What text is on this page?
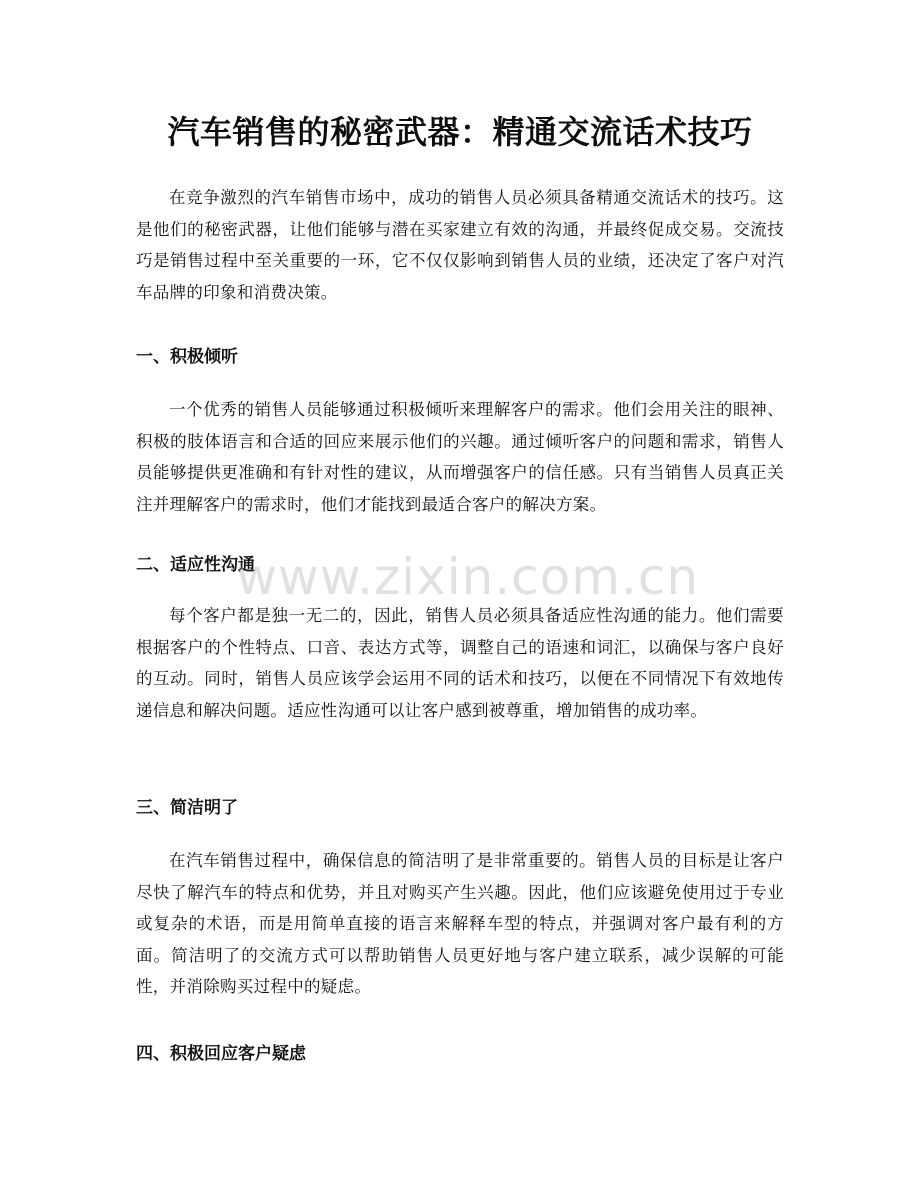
汽车销售的秘密武器：精通交流话术技巧

在竞争激烈的汽车销售市场中，成功的销售人员必须具备精通交流话术的技巧。这是他们的秘密武器，让他们能够与潜在买家建立有效的沟通，并最终促成交易。交流技巧是销售过程中至关重要的一环，它不仅仅影响到销售人员的业绩，还决定了客户对汽车品牌的印象和消费决策。

一、积极倾听

一个优秀的销售人员能够通过积极倾听来理解客户的需求。他们会用关注的眼神、积极的肢体语言和合适的回应来展示他们的兴趣。通过倾听客户的问题和需求，销售人员能够提供更准确和有针对性的建议，从而增强客户的信任感。只有当销售人员真正关注并理解客户的需求时，他们才能找到最适合客户的解决方案。

二、适应性沟通

每个客户都是独一无二的，因此，销售人员必须具备适应性沟通的能力。他们需要根据客户的个性特点、口音、表达方式等，调整自己的语速和词汇，以确保与客户良好的互动。同时，销售人员应该学会运用不同的话术和技巧，以便在不同情况下有效地传递信息和解决问题。适应性沟通可以让客户感到被尊重，增加销售的成功率。

三、简洁明了

在汽车销售过程中，确保信息的简洁明了是非常重要的。销售人员的目标是让客户尽快了解汽车的特点和优势，并且对购买产生兴趣。因此，他们应该避免使用过于专业或复杂的术语，而是用简单直接的语言来解释车型的特点，并强调对客户最有利的方面。简洁明了的交流方式可以帮助销售人员更好地与客户建立联系，减少误解的可能性，并消除购买过程中的疑虑。

四、积极回应客户疑虑

www.zixin.com.cn
